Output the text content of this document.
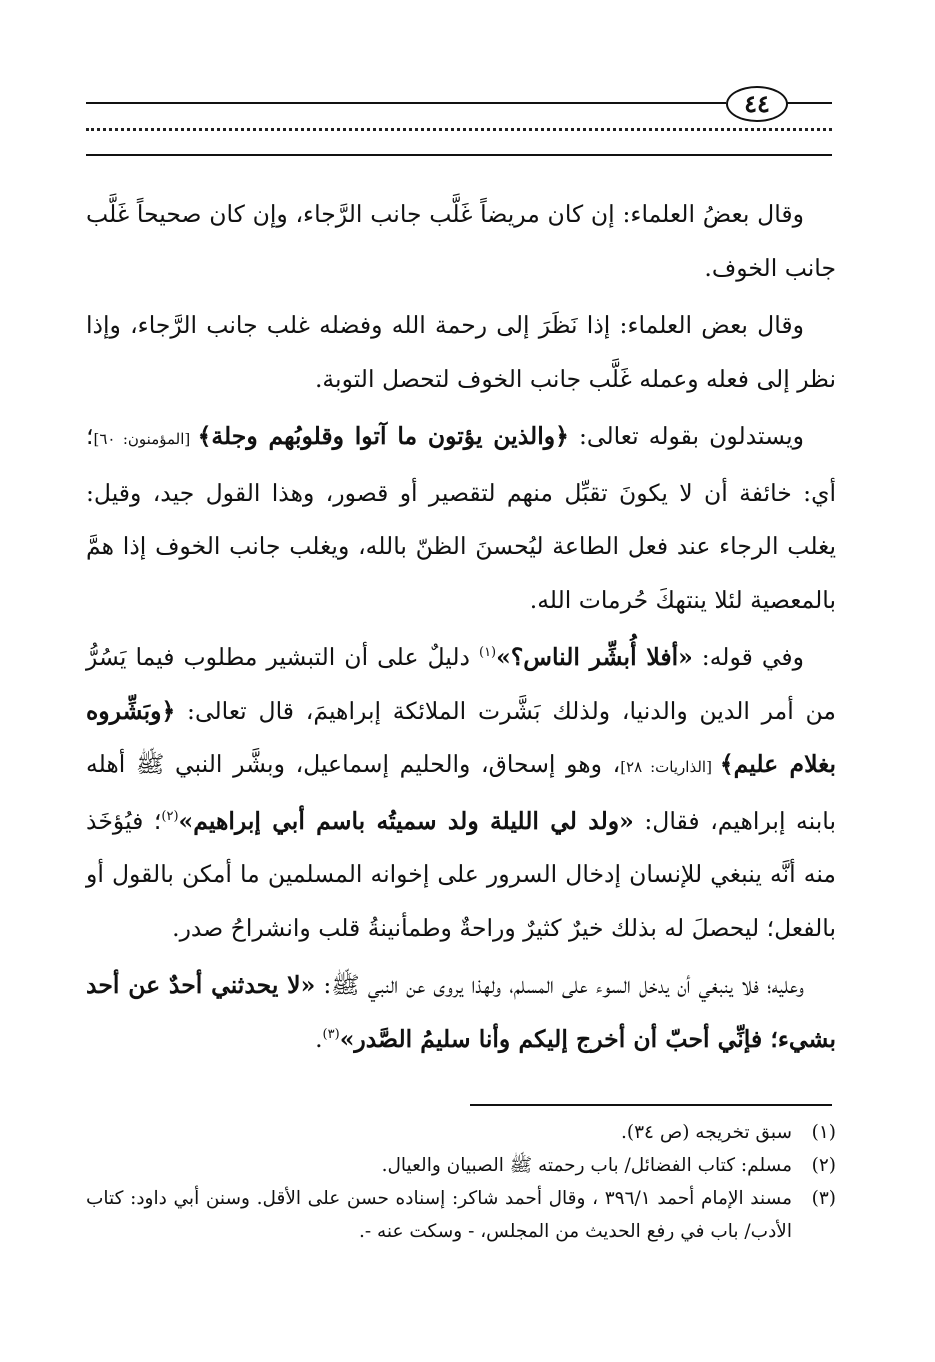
٤٤

وقال بعضُ العلماء: إن كان مريضاً غَلَّب جانب الرَّجاء، وإن كان صحيحاً غَلَّب جانب الخوف.

وقال بعض العلماء: إذا نَظَرَ إلى رحمة الله وفضله غلب جانب الرَّجاء، وإذا نظر إلى فعله وعمله غَلَّب جانب الخوف لتحصل التوبة.

ويستدلون بقوله تعالى: ﴿والذين يؤتون ما آتوا وقلوبُهم وجلة﴾ [المؤمنون: ٦٠]؛ أي: خائفة أن لا يكونَ تقبِّل منهم لتقصير أو قصور، وهذا القول جيد، وقيل: يغلب الرجاء عند فعل الطاعة ليُحسنَ الظنّ بالله، ويغلب جانب الخوف إذا همَّ بالمعصية لئلا ينتهكَ حُرمات الله.

وفي قوله: «أفلا أُبشِّر الناس؟»$^{(١)}$ دليلٌ على أن التبشير مطلوب فيما يَسُرُّ من أمر الدين والدنيا، ولذلك بَشَّرت الملائكة إبراهيمَ، قال تعالى: ﴿وبَشِّروه بغلام عليم﴾ [الذاريات: ٢٨]، وهو إسحاق، والحليم إسماعيل، وبشَّر النبي ﷺ أهله بابنه إبراهيم، فقال: «ولد لي الليلة ولد سميتُه باسم أبي إبراهيم»$^{(٢)}$؛ فيُؤخَذ منه أنَّه ينبغي للإنسان إدخال السرور على إخوانه المسلمين ما أمكن بالقول أو بالفعل؛ ليحصلَ له بذلك خيرٌ كثيرٌ وراحةٌ وطمأنينةُ قلب وانشراحُ صدر.

وعليه؛ فلا ينبغي أن يدخل السوء على المسلم، ولهذا يروى عن النبي ﷺ: «لا يحدثني أحدٌ عن أحد بشيء؛ فإنِّي أحبّ أن أخرج إليكم وأنا سليمُ الصَّدر»$^{(٣)}$.

(١)
سبق تخريجه (ص ٣٤).
(٢)
مسلم: كتاب الفضائل/ باب رحمته ﷺ الصبيان والعيال.
(٣)
مسند الإمام أحمد ٣٩٦/١ ، وقال أحمد شاكر: إسناده حسن على الأقل. وسنن أبي داود: كتاب الأدب/ باب في رفع الحديث من المجلس، - وسكت عنه -.
